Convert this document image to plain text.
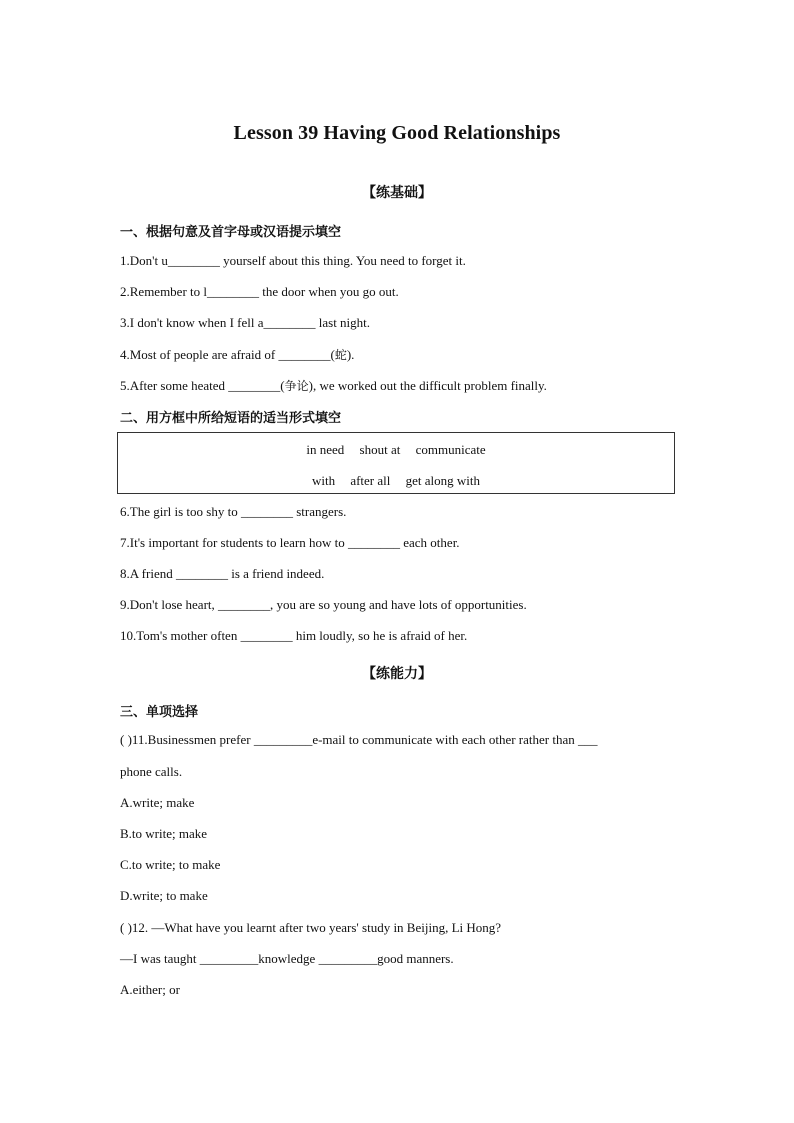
Lesson 39 Having Good Relationships
【练基础】
一、根据句意及首字母或汉语提示填空
1.Don't u________ yourself about this thing. You need to forget it.
2.Remember to l________ the door when you go out.
3.I don't know when I fell a________ last night.
4.Most of people are afraid of ________(蛇).
5.After some heated ________(争论), we worked out the difficult problem finally.
二、用方框中所给短语的适当形式填空
in need shout at communicate
with after all get along with
6.The girl is too shy to ________ strangers.
7.It's important for students to learn how to ________ each other.
8.A friend ________ is a friend indeed.
9.Don't lose heart, ________, you are so young and have lots of opportunities.
10.Tom's mother often ________ him loudly, so he is afraid of her.
【练能力】
三、单项选择
( )11.Businessmen prefer _________e-mail to communicate with each other rather than ___
phone calls.
A.write; make
B.to write; make
C.to write; to make
D.write; to make
( )12. —What have you learnt after two years' study in Beijing, Li Hong?
—I was taught _________knowledge _________good manners.
A.either; or
